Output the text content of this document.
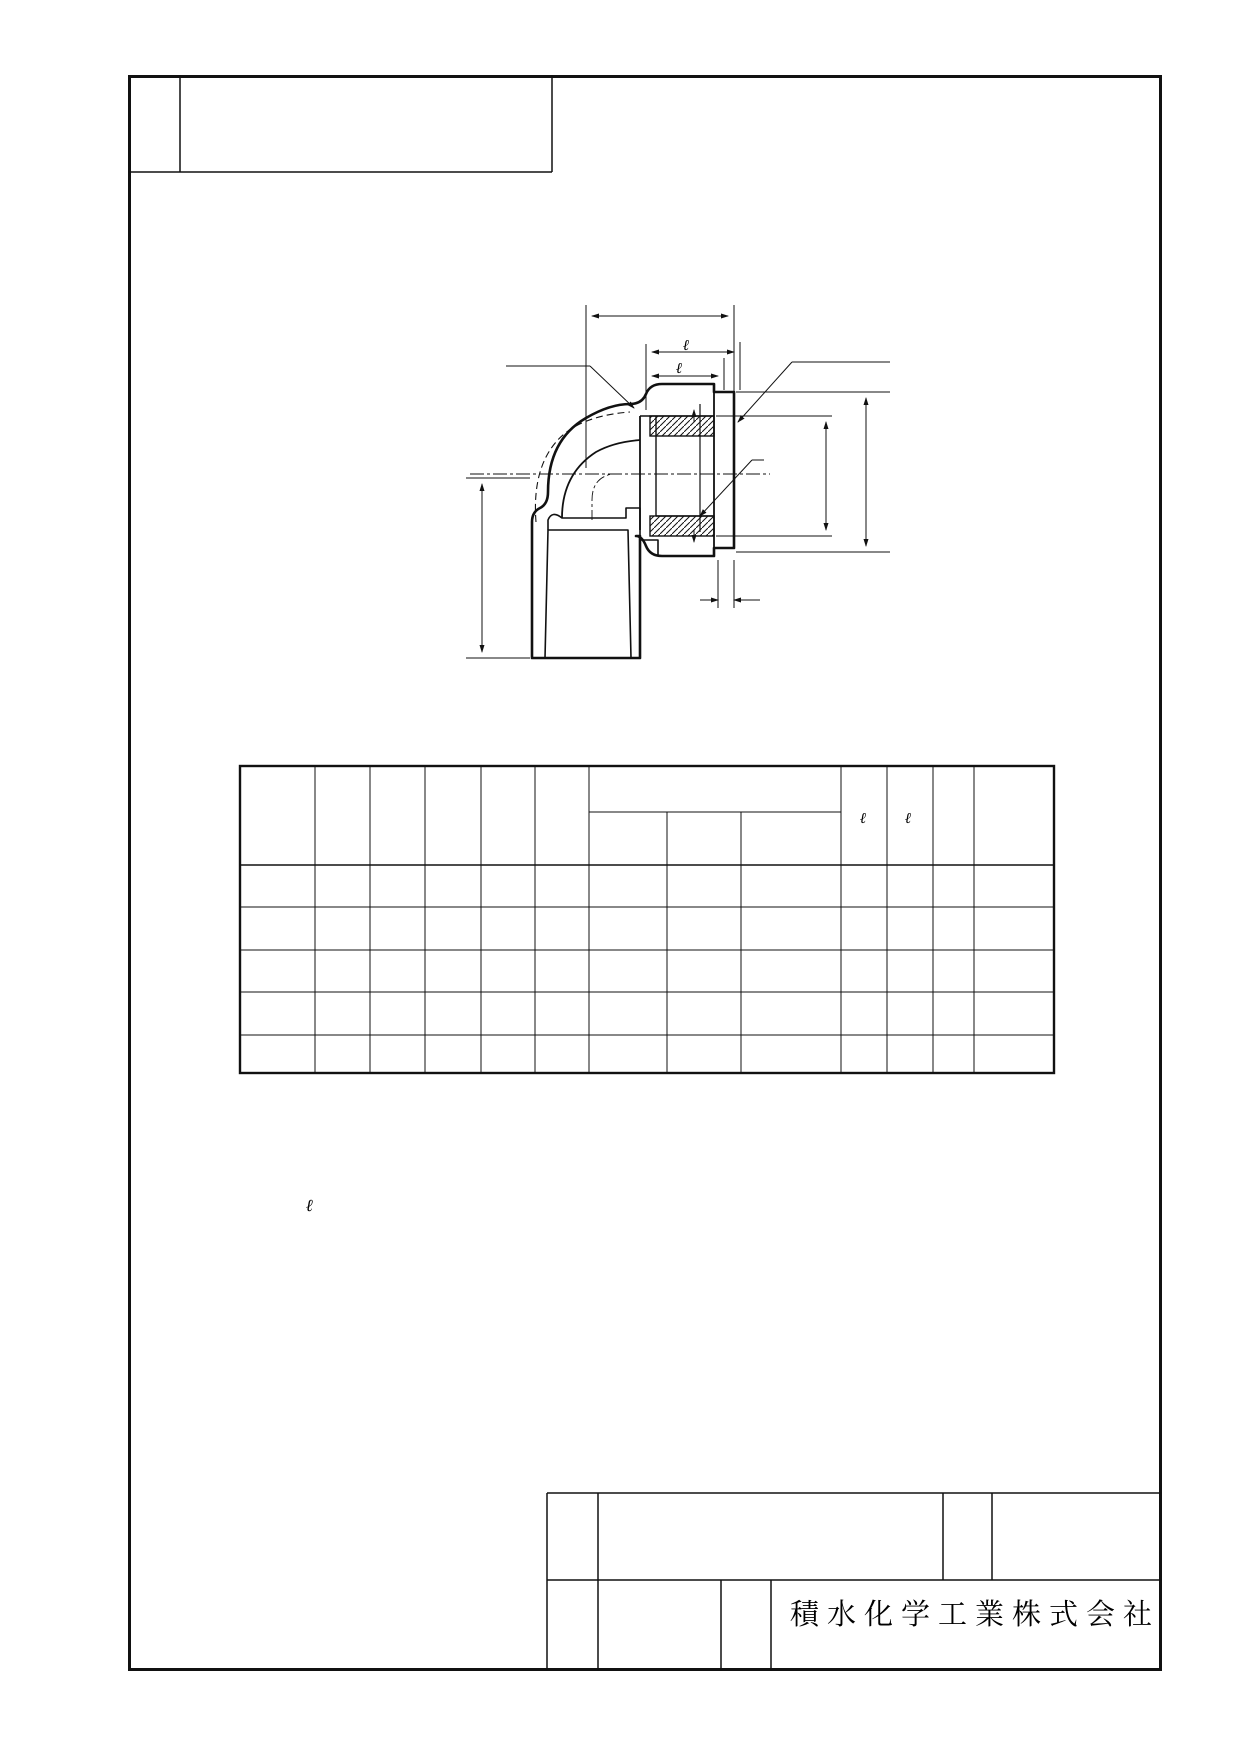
ℓ
ℓ
ℓ	ℓ
ℓ
積水化学工業株式会社
